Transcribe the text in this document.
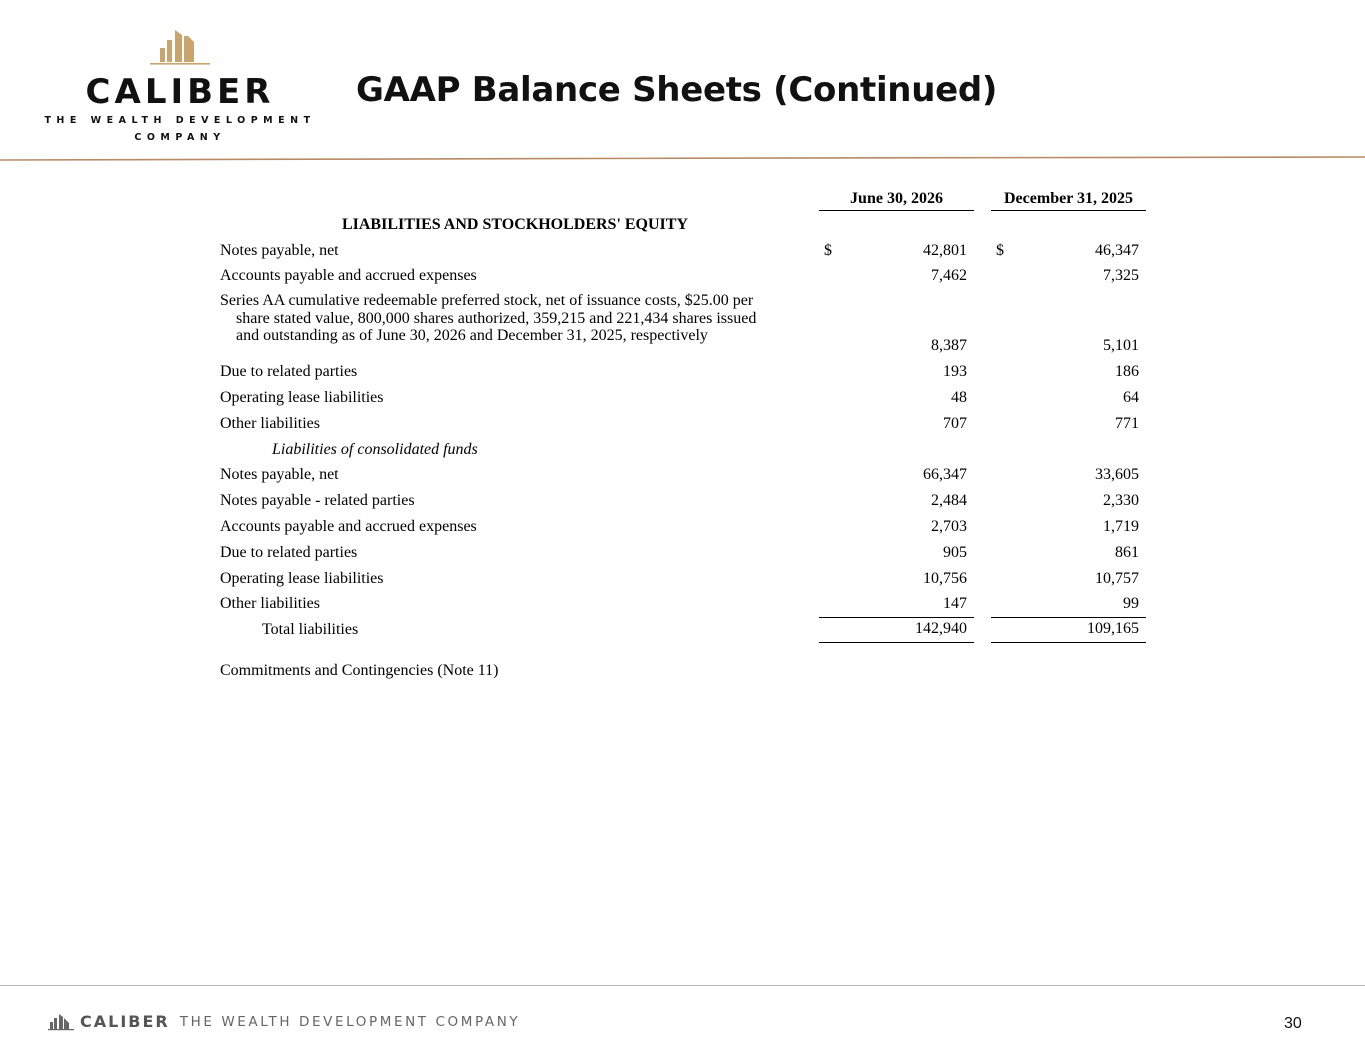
CALIBER
THE WEALTH DEVELOPMENT
COMPANY
GAAP Balance Sheets (Continued)
June 30, 2026	December 31, 2025
LIABILITIES AND STOCKHOLDERS' EQUITY
Notes payable, net	$	42,801 $	46,347
Accounts payable and accrued expenses	7,462	7,325
Series AA cumulative redeemable preferred stock, net of issuance costs, $25.00 per
share stated value, 800,000 shares authorized, 359,215 and 221,434 shares issued
and outstanding as of June 30, 2026 and December 31, 2025, respectively
8,387	5,101
Due to related parties	193	186
Operating lease liabilities	48	64
Other liabilities	707	771
Liabilities of consolidated funds
Notes payable, net	66,347	33,605
Notes payable - related parties	2,484	2,330
Accounts payable and accrued expenses	2,703	1,719
Due to related parties	905	861
Operating lease liabilities	10,756	10,757
Other liabilities	147	99
Total liabilities	142,940	109,165
Commitments and Contingencies (Note 11)
CALIBER THE WEALTH DEVELOPMENT COMPANY	30
